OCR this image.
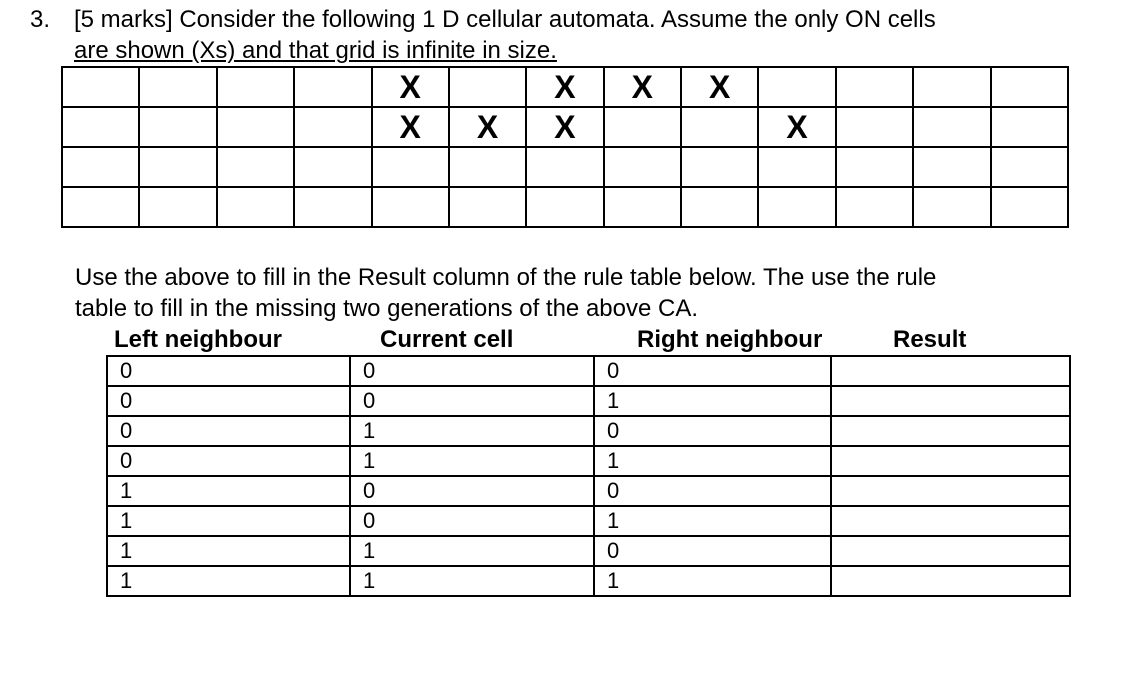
3. [5 marks] Consider the following 1 D cellular automata. Assume the only ON cells
are shown (Xs) and that grid is infinite in size.
				X		X	X	X				
				X	X	X			X			

Use the above to fill in the Result column of the rule table below. The use the rule
table to fill in the missing two generations of the above CA.
Left neighbour	Current cell	Right neighbour	Result
0	0	0	
0	0	1	
0	1	0	
0	1	1	
1	0	0	
1	0	1	
1	1	0	
1	1	1	
